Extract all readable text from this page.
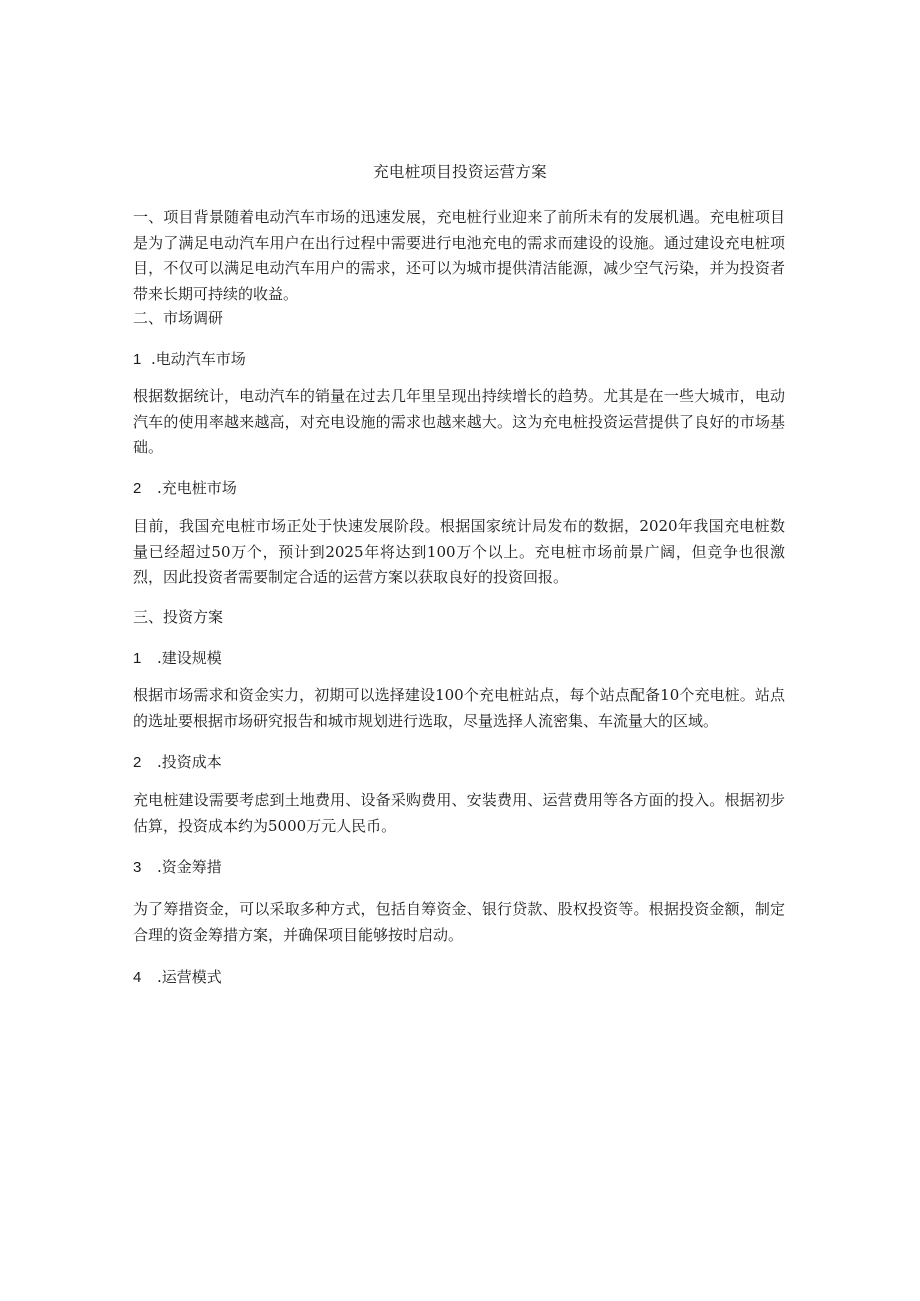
充电桩项目投资运营方案

一、项目背景随着电动汽车市场的迅速发展，充电桩行业迎来了前所未有的发展机遇。充电桩项目是为了满足电动汽车用户在出行过程中需要进行电池充电的需求而建设的设施。通过建设充电桩项目，不仅可以满足电动汽车用户的需求，还可以为城市提供清洁能源，减少空气污染，并为投资者带来长期可持续的收益。

二、市场调研
1 .电动汽车市场

根据数据统计，电动汽车的销量在过去几年里呈现出持续增长的趋势。尤其是在一些大城市，电动汽车的使用率越来越高，对充电设施的需求也越来越大。这为充电桩投资运营提供了良好的市场基础。

2 .充电桩市场

目前，我国充电桩市场正处于快速发展阶段。根据国家统计局发布的数据，2020年我国充电桩数量已经超过50万个，预计到2025年将达到100万个以上。充电桩市场前景广阔，但竞争也很激烈，因此投资者需要制定合适的运营方案以获取良好的投资回报。

三、投资方案
1 .建设规模

根据市场需求和资金实力，初期可以选择建设100个充电桩站点，每个站点配备10个充电桩。站点的选址要根据市场研究报告和城市规划进行选取，尽量选择人流密集、车流量大的区域。

2 .投资成本

充电桩建设需要考虑到土地费用、设备采购费用、安装费用、运营费用等各方面的投入。根据初步估算，投资成本约为5000万元人民币。

3 .资金筹措

为了筹措资金，可以采取多种方式，包括自筹资金、银行贷款、股权投资等。根据投资金额，制定合理的资金筹措方案，并确保项目能够按时启动。

4 .运营模式
